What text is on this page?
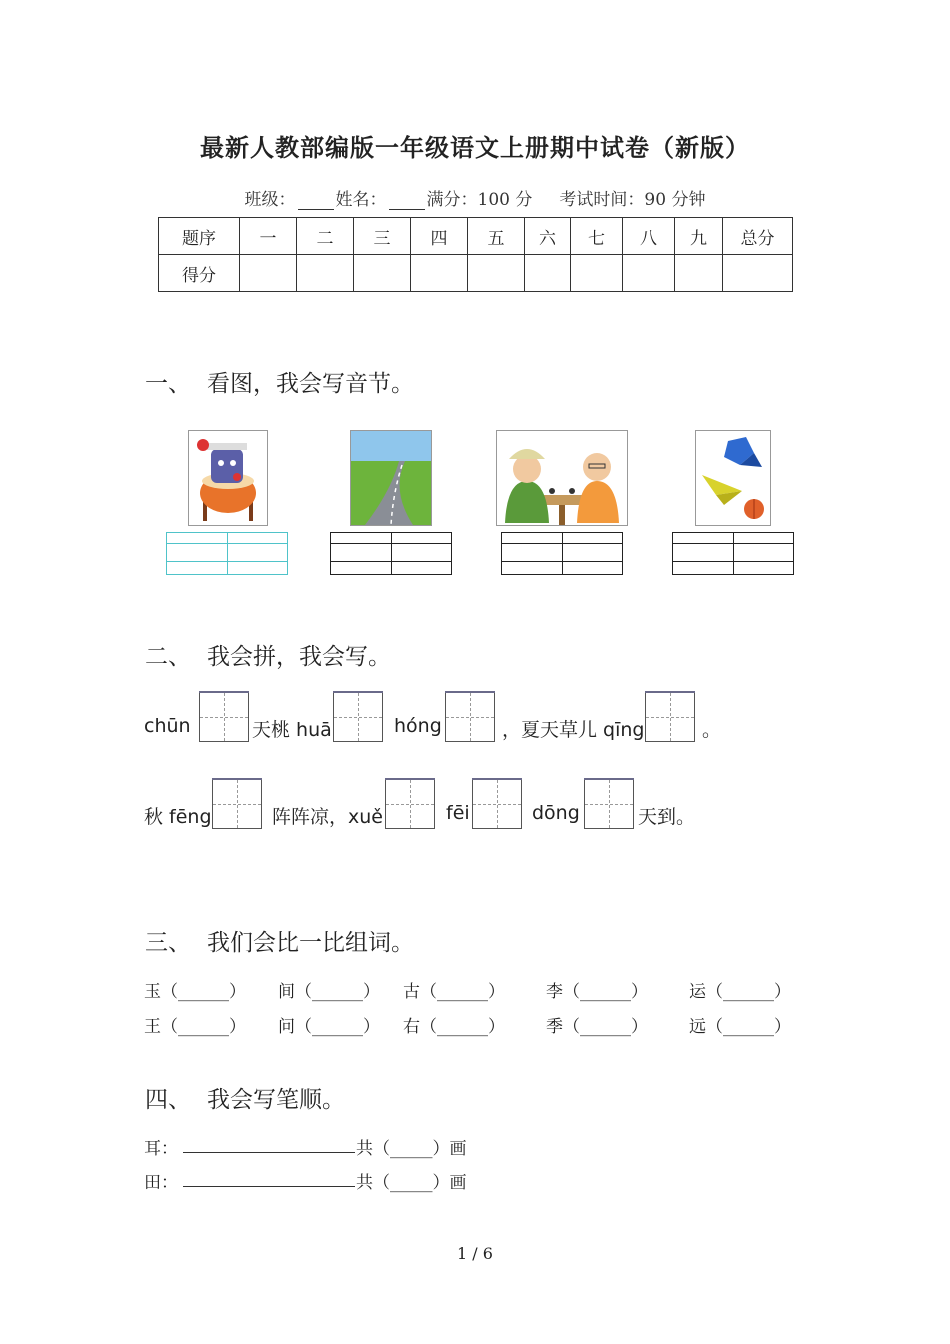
最新人教部编版一年级语文上册期中试卷（新版）
班级： 姓名： 满分：100 分 考试时间：90 分钟
题序	一	二	三	四	五	六	七	八	九	总分
得分										
一、 看图，我会写音节。
二、 我会拼，我会写。
chūn	天桃 huā	hóng	，夏天草儿 qīng	。
秋 fēng	阵阵凉，xuě	fēi	dōng	天到。
三、 我们会比一比组词。
玉（______） 间（______） 古（______） 李（______） 运（______）
王（______） 问（______） 右（______） 季（______） 远（______）
四、 我会写笔顺。
耳：	共（_____）画
田：	共（_____）画
1 / 6
